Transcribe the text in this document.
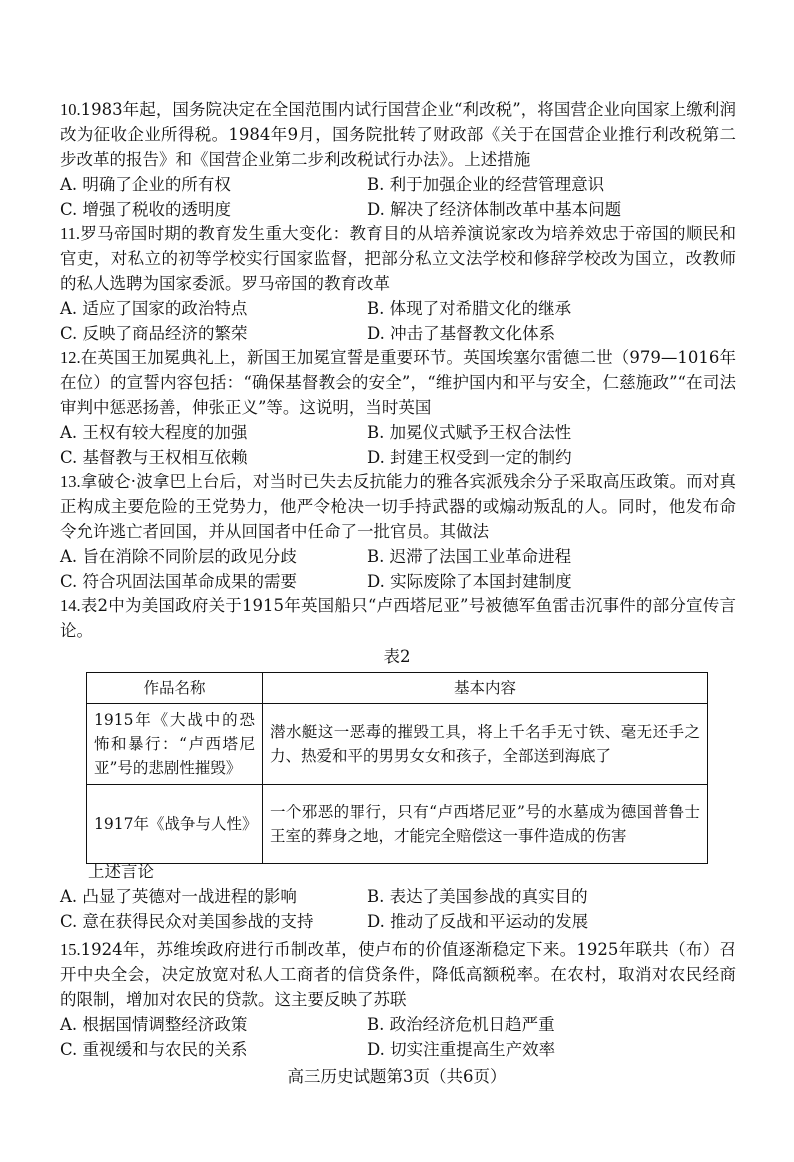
10.1983年起，国务院决定在全国范围内试行国营企业“利改税”，将国营企业向国家上缴利润改为征收企业所得税。1984年9月，国务院批转了财政部《关于在国营企业推行利改税第二步改革的报告》和《国营企业第二步利改税试行办法》。上述措施
A. 明确了企业的所有权	B. 利于加强企业的经营管理意识
C. 增强了税收的透明度	D. 解决了经济体制改革中基本问题
11.罗马帝国时期的教育发生重大变化：教育目的从培养演说家改为培养效忠于帝国的顺民和官吏，对私立的初等学校实行国家监督，把部分私立文法学校和修辞学校改为国立，改教师的私人选聘为国家委派。罗马帝国的教育改革
A. 适应了国家的政治特点	B. 体现了对希腊文化的继承
C. 反映了商品经济的繁荣	D. 冲击了基督教文化体系
12.在英国王加冕典礼上，新国王加冕宣誓是重要环节。英国埃塞尔雷德二世（979—1016年在位）的宣誓内容包括：“确保基督教会的安全”，“维护国内和平与安全，仁慈施政”“在司法审判中惩恶扬善，伸张正义”等。这说明，当时英国
A. 王权有较大程度的加强	B. 加冕仪式赋予王权合法性
C. 基督教与王权相互依赖	D. 封建王权受到一定的制约
13.拿破仑·波拿巴上台后，对当时已失去反抗能力的雅各宾派残余分子采取高压政策。而对真正构成主要危险的王党势力，他严令枪决一切手持武器的或煽动叛乱的人。同时，他发布命令允许逃亡者回国，并从回国者中任命了一批官员。其做法
A. 旨在消除不同阶层的政见分歧	B. 迟滞了法国工业革命进程
C. 符合巩固法国革命成果的需要	D. 实际废除了本国封建制度
14.表2中为美国政府关于1915年英国船只“卢西塔尼亚”号被德军鱼雷击沉事件的部分宣传言论。
表2
作品名称	基本内容
1915年《大战中的恐怖和暴行：“卢西塔尼亚”号的悲剧性摧毁》	潜水艇这一恶毒的摧毁工具，将上千名手无寸铁、毫无还手之力、热爱和平的男男女女和孩子，全部送到海底了
1917年《战争与人性》	一个邪恶的罪行，只有“卢西塔尼亚”号的水墓成为德国普鲁士王室的葬身之地，才能完全赔偿这一事件造成的伤害
上述言论
A. 凸显了英德对一战进程的影响	B. 表达了美国参战的真实目的
C. 意在获得民众对美国参战的支持	D. 推动了反战和平运动的发展
15.1924年，苏维埃政府进行币制改革，使卢布的价值逐渐稳定下来。1925年联共（布）召开中央全会，决定放宽对私人工商者的信贷条件，降低高额税率。在农村，取消对农民经商的限制，增加对农民的贷款。这主要反映了苏联
A. 根据国情调整经济政策	B. 政治经济危机日趋严重
C. 重视缓和与农民的关系	D. 切实注重提高生产效率
高三历史试题第3页（共6页）
